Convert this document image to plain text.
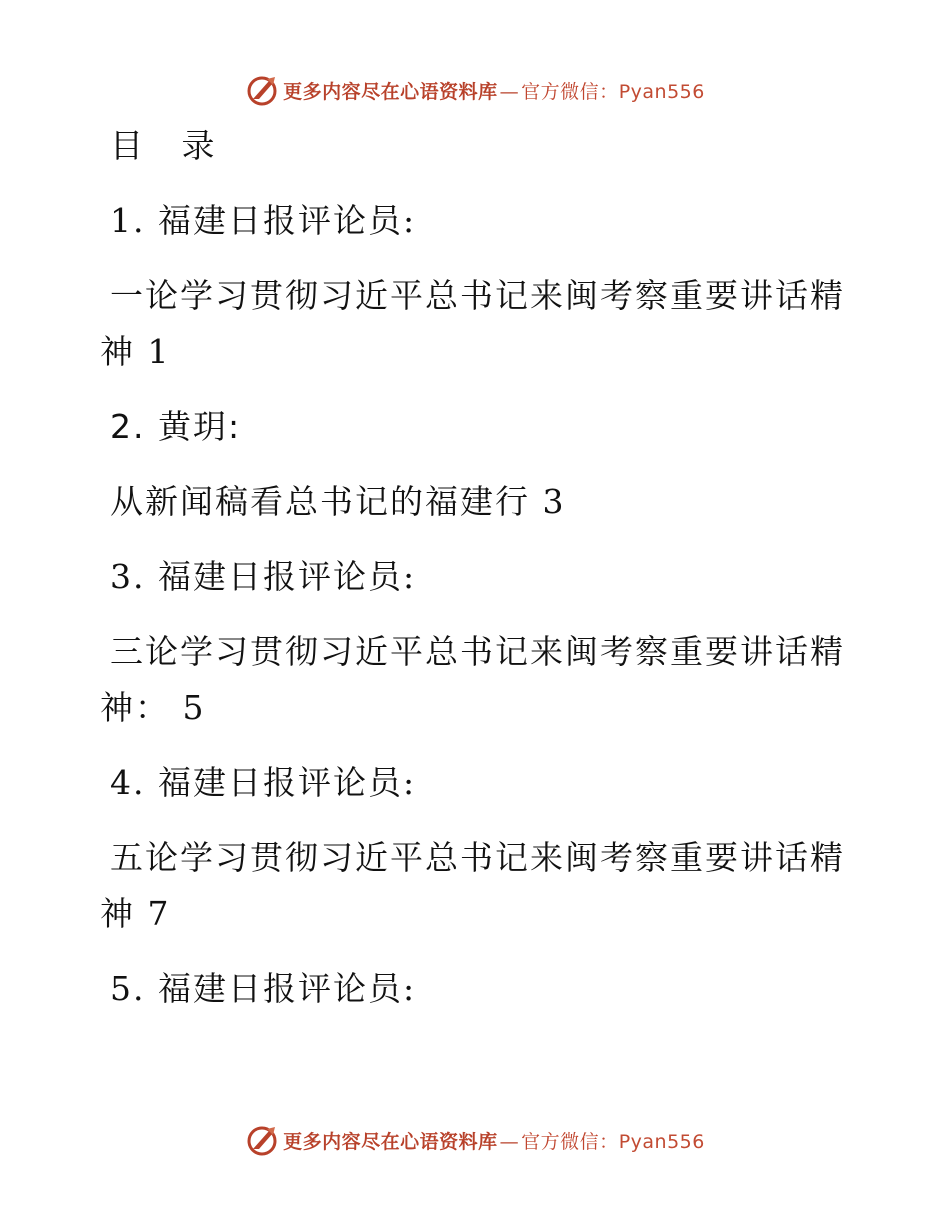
更多内容尽在心语资料库 — 官方微信：Pyan556
目 录
1. 福建日报评论员:
一论学习贯彻习近平总书记来闽考察重要讲话精
神 1
2. 黄玥:
从新闻稿看总书记的福建行 3
3. 福建日报评论员:
三论学习贯彻习近平总书记来闽考察重要讲话精
神： 5
4. 福建日报评论员:
五论学习贯彻习近平总书记来闽考察重要讲话精
神 7
5. 福建日报评论员:
更多内容尽在心语资料库 — 官方微信：Pyan556
